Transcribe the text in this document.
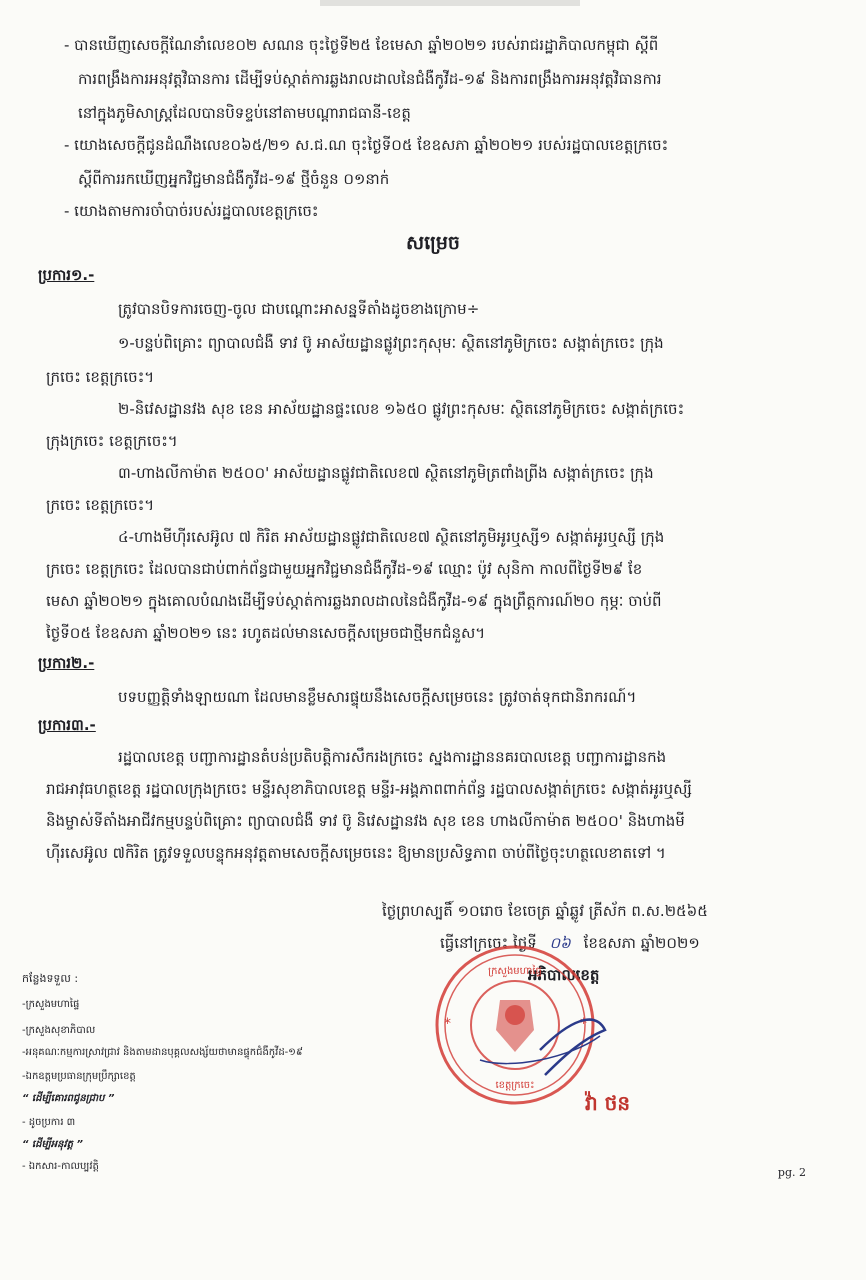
- បានឃើញសេចក្តីណែនាំលេខ០២ សណន ចុះថ្ងៃទី២៥ ខែមេសា ឆ្នាំ២០២១ របស់រាជរដ្ឋាភិបាលកម្ពុជា ស្តីពី
ការពង្រឹងការអនុវត្តវិធានការ ដើម្បីទប់ស្កាត់ការឆ្លងរាលដាលនៃជំងឺកូវីដ-១៩ និងការពង្រឹងការអនុវត្តវិធានការ
នៅក្នុងភូមិសាស្ត្រដែលបានបិទខ្ទប់នៅតាមបណ្តារាជធានី-ខេត្ត
- យោងសេចក្តីជូនដំណឹងលេខ០៦៥/២១ ស.ជ.ណ ចុះថ្ងៃទី០៥ ខែឧសភា ឆ្នាំ២០២១ របស់រដ្ឋបាលខេត្តក្រចេះ
ស្តីពីការរកឃើញអ្នកវិជ្ជមានជំងឺកូវីដ-១៩ ថ្មីចំនួន ០១នាក់
- យោងតាមការចាំបាច់របស់រដ្ឋបាលខេត្តក្រចេះ
សម្រេច
ប្រការ១.-
ត្រូវបានបិទការចេញ-ចូល ជាបណ្តោះអាសន្នទីតាំងដូចខាងក្រោម÷
១-បន្ទប់ពិគ្រោះ ព្យាបាលជំងឺ ទាវ ប៊ូ អាស័យដ្ឋានផ្លូវព្រះកុសុមៈ ស្ថិតនៅភូមិក្រចេះ សង្កាត់ក្រចេះ ក្រុង
ក្រចេះ ខេត្តក្រចេះ។
២-និវេសដ្ឋានវង សុខ ខេន អាស័យដ្ឋានផ្ទះលេខ ១៦៥០ ផ្លូវព្រះកុសមៈ ស្ថិតនៅភូមិក្រចេះ សង្កាត់ក្រចេះ
ក្រុងក្រចេះ ខេត្តក្រចេះ។
៣-ហាងលីកាម៉ាត ២៥០០' អាស័យដ្ឋានផ្លូវជាតិលេខ៧ ស្ថិតនៅភូមិត្រពាំងព្រីង សង្កាត់ក្រចេះ ក្រុង
ក្រចេះ ខេត្តក្រចេះ។
៤-ហាងមីហ៊ីរសេអ៊ូល ៧ កិរិត អាស័យដ្ឋានផ្លូវជាតិលេខ៧ ស្ថិតនៅភូមិអូរឬស្សី១ សង្កាត់អូរឬស្សី ក្រុង
ក្រចេះ ខេត្តក្រចេះ ដែលបានជាប់ពាក់ព័ន្ធជាមួយអ្នកវិជ្ជមានជំងឺកូវីដ-១៩ ឈ្មោះ ប៉ូវ សុនិកា កាលពីថ្ងៃទី២៩ ខែ
មេសា ឆ្នាំ២០២១ ក្នុងគោលបំណងដើម្បីទប់ស្កាត់ការឆ្លងរាលដាលនៃជំងឺកូវីដ-១៩ ក្នុងព្រឹត្តការណ៍២០ កុម្ភៈ ចាប់ពី
ថ្ងៃទី០៥ ខែឧសភា ឆ្នាំ២០២១ នេះ រហូតដល់មានសេចក្តីសម្រេចជាថ្មីមកជំនួស។
ប្រការ២.-
បទបញ្ញត្តិទាំងឡាយណា ដែលមានខ្លឹមសារផ្ទុយនឹងសេចក្តីសម្រេចនេះ ត្រូវចាត់ទុកជានិរាករណ៍។
ប្រការ៣.-
រដ្ឋបាលខេត្ត បញ្ជាការដ្ឋានតំបន់ប្រតិបត្តិការសឹករងក្រចេះ ស្នងការដ្ឋាននគរបាលខេត្ត បញ្ជាការដ្ឋានកង
រាជអាវុធហត្ថខេត្ត រដ្ឋបាលក្រុងក្រចេះ មន្ទីរសុខាភិបាលខេត្ត មន្ទីរ-អង្គភាពពាក់ព័ន្ធ រដ្ឋបាលសង្កាត់ក្រចេះ សង្កាត់អូរឬស្សី
និងម្ចាស់ទីតាំងអាជីវកម្មបន្ទប់ពិគ្រោះ ព្យាបាលជំងឺ ទាវ ប៊ូ និវេសដ្ឋានវង សុខ ខេន ហាងលីកាម៉ាត ២៥០០' និងហាងមី
ហ៊ីរសេអ៊ូល ៧កិរិត ត្រូវទទួលបន្ទុកអនុវត្តតាមសេចក្តីសម្រេចនេះ ឱ្យមានប្រសិទ្ធភាព ចាប់ពីថ្ងៃចុះហត្ថលេខាតទៅ ។
ថ្ងៃព្រហស្បតិ៍ ១០រោច ខែចេត្រ ឆ្នាំឆ្លូវ ត្រីស័ក ព.ស.២៥៦៥
ធ្វើនៅក្រចេះ ថ្ងៃទី ០៦ ខែឧសភា ឆ្នាំ២០២១
អភិបាលខេត្ត
*	*
ក្រសួងមហាផ្ទៃ
ខេត្តក្រចេះ
វ៉ា ថន
កន្លែងទទួល :
-ក្រសួងមហាផ្ទៃ
-ក្រសួងសុខាភិបាល
-អនុគណៈកម្មការស្រាវជ្រាវ និងតាមដានបុគ្គលសង្ស័យថាមានផ្ទុកជំងឺកូវីដ-១៩
-ឯកឧត្តមប្រធានក្រុមប្រឹក្សាខេត្ត
“ ដើម្បីគោរពជូនជ្រាប ”
- ដូចប្រការ ៣
“ ដើម្បីអនុវត្ត ”
- ឯកសារ-កាលប្បវត្តិ	pg. 2
